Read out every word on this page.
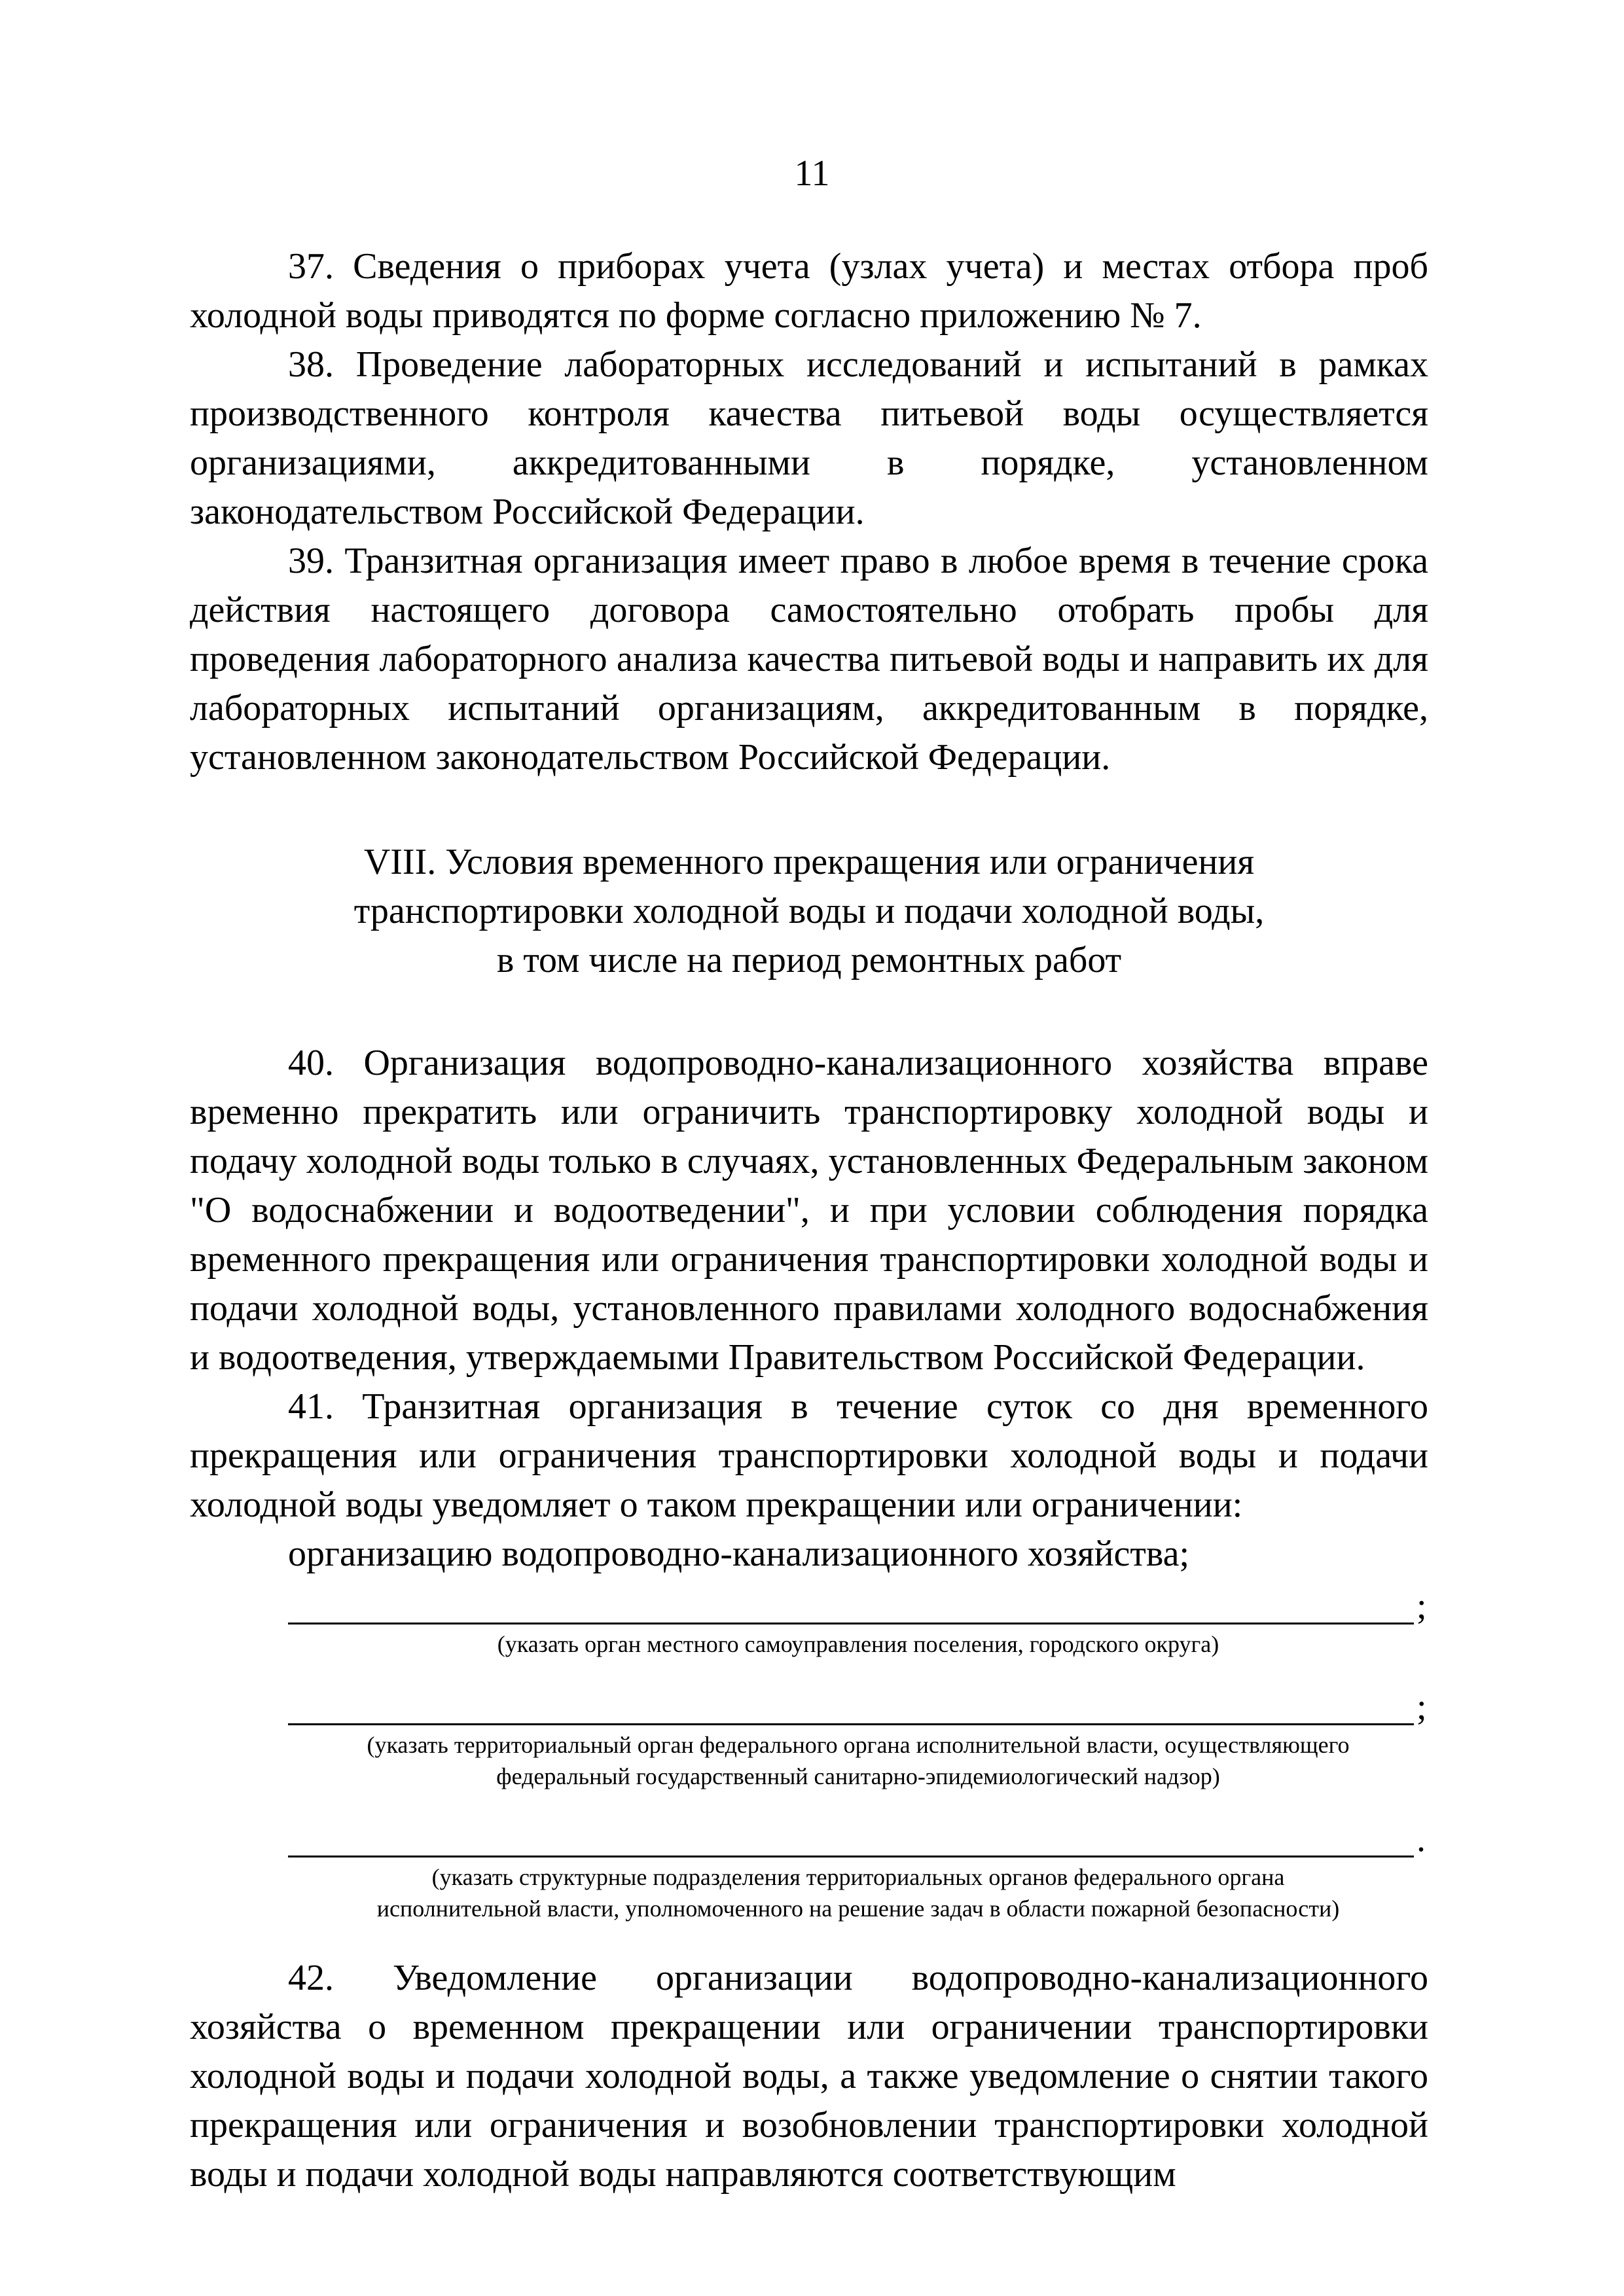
11

37. Сведения о приборах учета (узлах учета) и местах отбора проб холодной воды приводятся по форме согласно приложению № 7.

38. Проведение лабораторных исследований и испытаний в рамках производственного контроля качества питьевой воды осуществляется организациями, аккредитованными в порядке, установленном законодательством Российской Федерации.

39. Транзитная организация имеет право в любое время в течение срока действия настоящего договора самостоятельно отобрать пробы для проведения лабораторного анализа качества питьевой воды и направить их для лабораторных испытаний организациям, аккредитованным в порядке, установленном законодательством Российской Федерации.

VIII. Условия временного прекращения или ограничения
транспортировки холодной воды и подачи холодной воды,
в том числе на период ремонтных работ

40. Организация водопроводно-канализационного хозяйства вправе временно прекратить или ограничить транспортировку холодной воды и подачу холодной воды только в случаях, установленных Федеральным законом "О водоснабжении и водоотведении", и при условии соблюдения порядка временного прекращения или ограничения транспортировки холодной воды и подачи холодной воды, установленного правилами холодного водоснабжения и водоотведения, утверждаемыми Правительством Российской Федерации.

41. Транзитная организация в течение суток со дня временного прекращения или ограничения транспортировки холодной воды и подачи холодной воды уведомляет о таком прекращении или ограничении:

организацию водопроводно-канализационного хозяйства;

;
(указать орган местного самоуправления поселения, городского округа)
;
(указать территориальный орган федерального органа исполнительной власти, осуществляющего
федеральный государственный санитарно-эпидемиологический надзор)
.
(указать структурные подразделения территориальных органов федерального органа
исполнительной власти, уполномоченного на решение задач в области пожарной безопасности)

42. Уведомление организации водопроводно-канализационного хозяйства о временном прекращении или ограничении транспортировки холодной воды и подачи холодной воды, а также уведомление о снятии такого прекращения или ограничения и возобновлении транспортировки холодной воды и подачи холодной воды направляются соответствующим
